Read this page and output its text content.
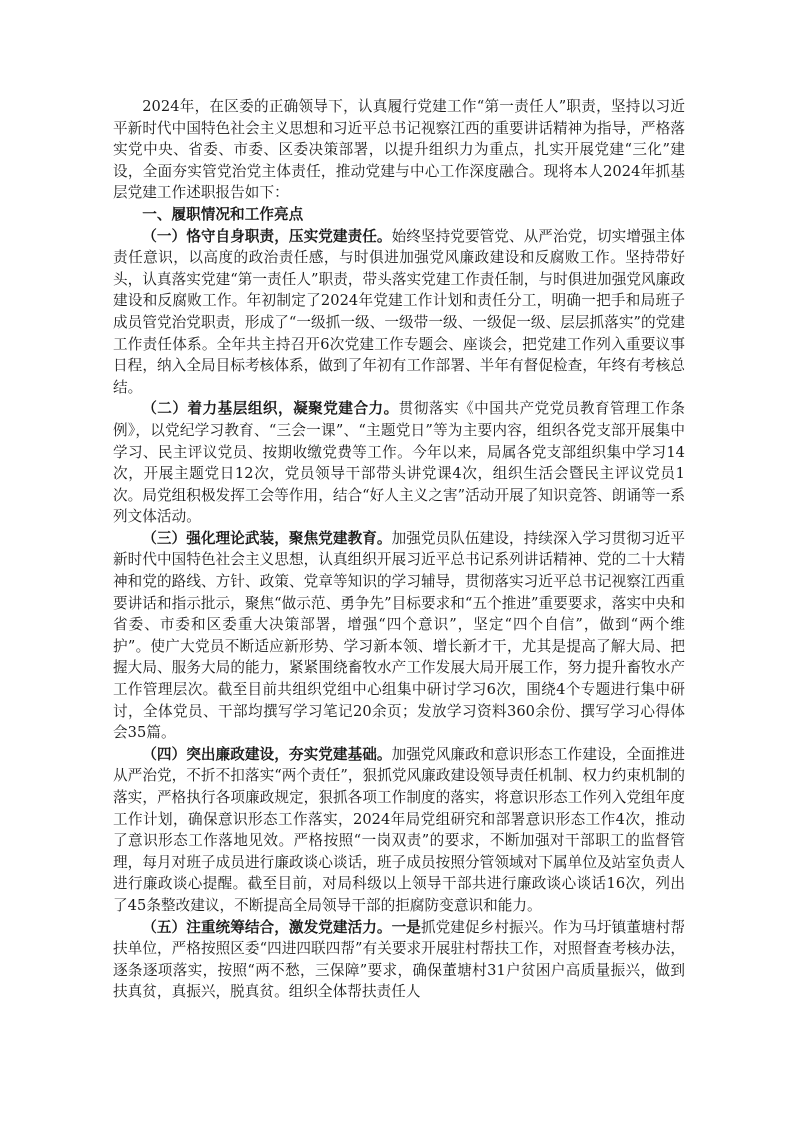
2024年，在区委的正确领导下，认真履行党建工作“第一责任人”职责，坚持以习近平新时代中国特色社会主义思想和习近平总书记视察江西的重要讲话精神为指导，严格落实党中央、省委、市委、区委决策部署，以提升组织力为重点，扎实开展党建“三化”建设，全面夯实管党治党主体责任，推动党建与中心工作深度融合。现将本人2024年抓基层党建工作述职报告如下：

一、履职情况和工作亮点

（一）恪守自身职责，压实党建责任。始终坚持党要管党、从严治党，切实增强主体责任意识，以高度的政治责任感，与时俱进加强党风廉政建设和反腐败工作。坚持带好头，认真落实党建“第一责任人”职责，带头落实党建工作责任制，与时俱进加强党风廉政建设和反腐败工作。年初制定了2024年党建工作计划和责任分工，明确一把手和局班子成员管党治党职责，形成了“一级抓一级、一级带一级、一级促一级、层层抓落实”的党建工作责任体系。全年共主持召开6次党建工作专题会、座谈会，把党建工作列入重要议事日程，纳入全局目标考核体系，做到了年初有工作部署、半年有督促检查，年终有考核总结。

（二）着力基层组织，凝聚党建合力。贯彻落实《中国共产党党员教育管理工作条例》，以党纪学习教育、“三会一课”、“主题党日”等为主要内容，组织各党支部开展集中学习、民主评议党员、按期收缴党费等工作。今年以来，局属各党支部组织集中学习14次，开展主题党日12次，党员领导干部带头讲党课4次，组织生活会暨民主评议党员1次。局党组积极发挥工会等作用，结合“好人主义之害”活动开展了知识竞答、朗诵等一系列文体活动。

（三）强化理论武装，聚焦党建教育。加强党员队伍建设，持续深入学习贯彻习近平新时代中国特色社会主义思想，认真组织开展习近平总书记系列讲话精神、党的二十大精神和党的路线、方针、政策、党章等知识的学习辅导，贯彻落实习近平总书记视察江西重要讲话和指示批示，聚焦“做示范、勇争先”目标要求和“五个推进”重要要求，落实中央和省委、市委和区委重大决策部署，增强“四个意识”，坚定“四个自信”，做到“两个维护”。使广大党员不断适应新形势、学习新本领、增长新才干，尤其是提高了解大局、把握大局、服务大局的能力，紧紧围绕畜牧水产工作发展大局开展工作，努力提升畜牧水产工作管理层次。截至目前共组织党组中心组集中研讨学习6次，围绕4个专题进行集中研讨，全体党员、干部均撰写学习笔记20余页；发放学习资料360余份、撰写学习心得体会35篇。

（四）突出廉政建设，夯实党建基础。加强党风廉政和意识形态工作建设，全面推进从严治党，不折不扣落实“两个责任”，狠抓党风廉政建设领导责任机制、权力约束机制的落实，严格执行各项廉政规定，狠抓各项工作制度的落实，将意识形态工作列入党组年度工作计划，确保意识形态工作落实，2024年局党组研究和部署意识形态工作4次，推动了意识形态工作落地见效。严格按照“一岗双责”的要求，不断加强对干部职工的监督管理，每月对班子成员进行廉政谈心谈话，班子成员按照分管领域对下属单位及站室负责人进行廉政谈心提醒。截至目前，对局科级以上领导干部共进行廉政谈心谈话16次，列出了45条整改建议，不断提高全局领导干部的拒腐防变意识和能力。

（五）注重统筹结合，激发党建活力。一是抓党建促乡村振兴。作为马圩镇董塘村帮扶单位，严格按照区委“四进四联四帮”有关要求开展驻村帮扶工作，对照督查考核办法，逐条逐项落实，按照“两不愁，三保障”要求，确保董塘村31户贫困户高质量振兴，做到扶真贫，真振兴，脱真贫。组织全体帮扶责任人
